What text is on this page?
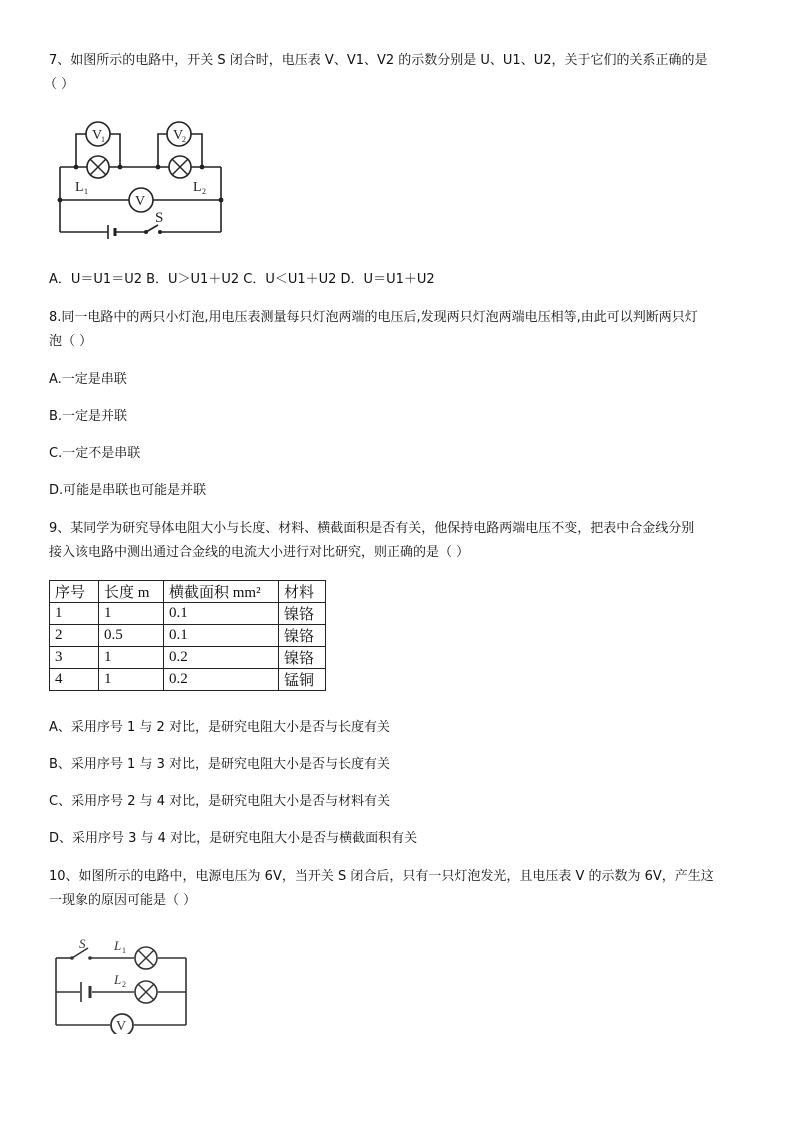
7、如图所示的电路中，开关 S 闭合时，电压表 V、V1、V2 的示数分别是 U、U1、U2，关于它们的关系正确的是
（ ）
V
1	V
2
L 1	L 2
V
S
A．U＝U1＝U2 B．U＞U1＋U2 C．U＜U1＋U2 D．U＝U1＋U2
8.同一电路中的两只小灯泡,用电压表测量每只灯泡两端的电压后,发现两只灯泡两端电压相等,由此可以判断两只灯
泡（ ）
A.一定是串联
B.一定是并联
C.一定不是串联
D.可能是串联也可能是并联
9、某同学为研究导体电阻大小与长度、材料、横截面积是否有关，他保持电路两端电压不变，把表中合金线分别
接入该电路中测出通过合金线的电流大小进行对比研究，则正确的是（ ）
序号	长度 m	横截面积 mm²	材料
1	1	0.1	镍铬
2	0.5	0.1	镍铬
3	1	0.2	镍铬
4	1	0.2	锰铜
A、采用序号 1 与 2 对比，是研究电阻大小是否与长度有关
B、采用序号 1 与 3 对比，是研究电阻大小是否与长度有关
C、采用序号 2 与 4 对比，是研究电阻大小是否与材料有关
D、采用序号 3 与 4 对比，是研究电阻大小是否与横截面积有关
10、如图所示的电路中，电源电压为 6V，当开关 S 闭合后，只有一只灯泡发光，且电压表 V 的示数为 6V，产生这
一现象的原因可能是（ ）
S L 1
L 2
V
